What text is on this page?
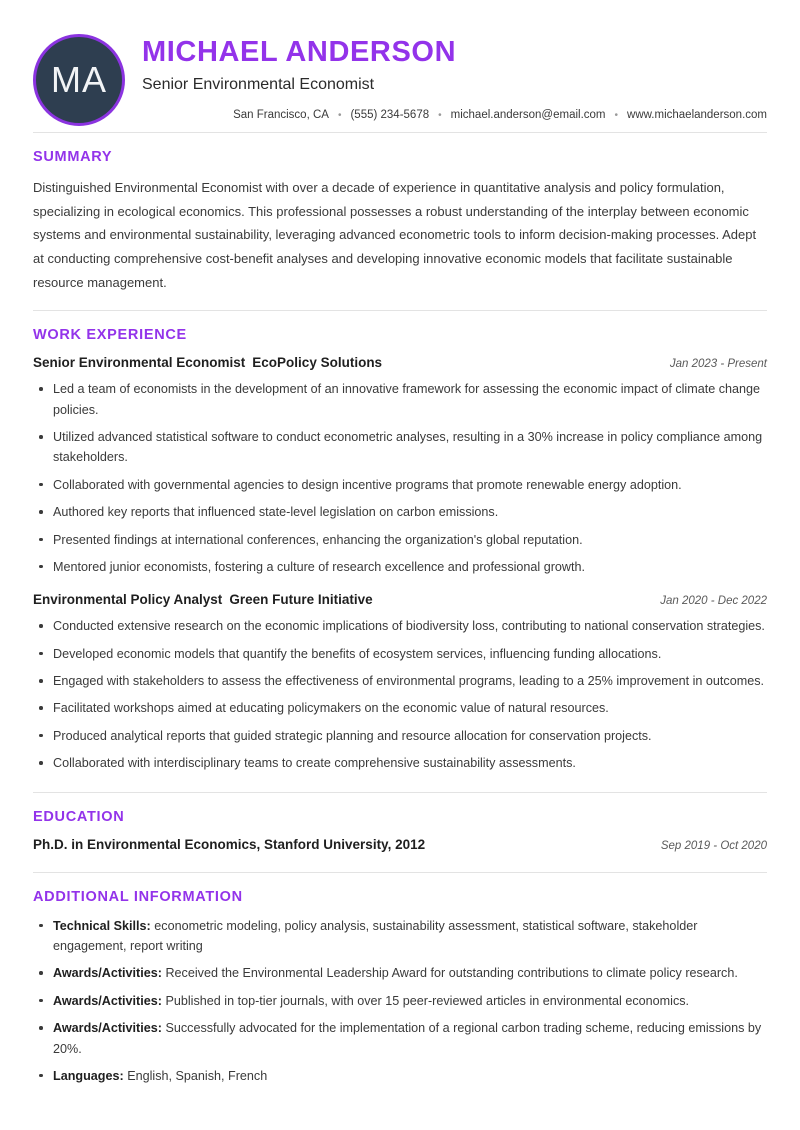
MA
MICHAEL ANDERSON
Senior Environmental Economist
San Francisco, CA • (555) 234-5678 • michael.anderson@email.com • www.michaelanderson.com
SUMMARY

Distinguished Environmental Economist with over a decade of experience in quantitative analysis and policy formulation, specializing in ecological economics. This professional possesses a robust understanding of the interplay between economic systems and environmental sustainability, leveraging advanced econometric tools to inform decision-making processes. Adept at conducting comprehensive cost-benefit analyses and developing innovative economic models that facilitate sustainable resource management.

WORK EXPERIENCE
Senior Environmental Economist EcoPolicy Solutions	Jan 2023 - Present
Led a team of economists in the development of an innovative framework for assessing the economic impact of climate change policies.
Utilized advanced statistical software to conduct econometric analyses, resulting in a 30% increase in policy compliance among stakeholders.
Collaborated with governmental agencies to design incentive programs that promote renewable energy adoption.
Authored key reports that influenced state-level legislation on carbon emissions.
Presented findings at international conferences, enhancing the organization's global reputation.
Mentored junior economists, fostering a culture of research excellence and professional growth.
Environmental Policy Analyst Green Future Initiative	Jan 2020 - Dec 2022
Conducted extensive research on the economic implications of biodiversity loss, contributing to national conservation strategies.
Developed economic models that quantify the benefits of ecosystem services, influencing funding allocations.
Engaged with stakeholders to assess the effectiveness of environmental programs, leading to a 25% improvement in outcomes.
Facilitated workshops aimed at educating policymakers on the economic value of natural resources.
Produced analytical reports that guided strategic planning and resource allocation for conservation projects.
Collaborated with interdisciplinary teams to create comprehensive sustainability assessments.
EDUCATION
Ph.D. in Environmental Economics, Stanford University, 2012	Sep 2019 - Oct 2020
ADDITIONAL INFORMATION
Technical Skills: econometric modeling, policy analysis, sustainability assessment, statistical software, stakeholder engagement, report writing
Awards/Activities: Received the Environmental Leadership Award for outstanding contributions to climate policy research.
Awards/Activities: Published in top-tier journals, with over 15 peer-reviewed articles in environmental economics.
Awards/Activities: Successfully advocated for the implementation of a regional carbon trading scheme, reducing emissions by 20%.
Languages: English, Spanish, French
